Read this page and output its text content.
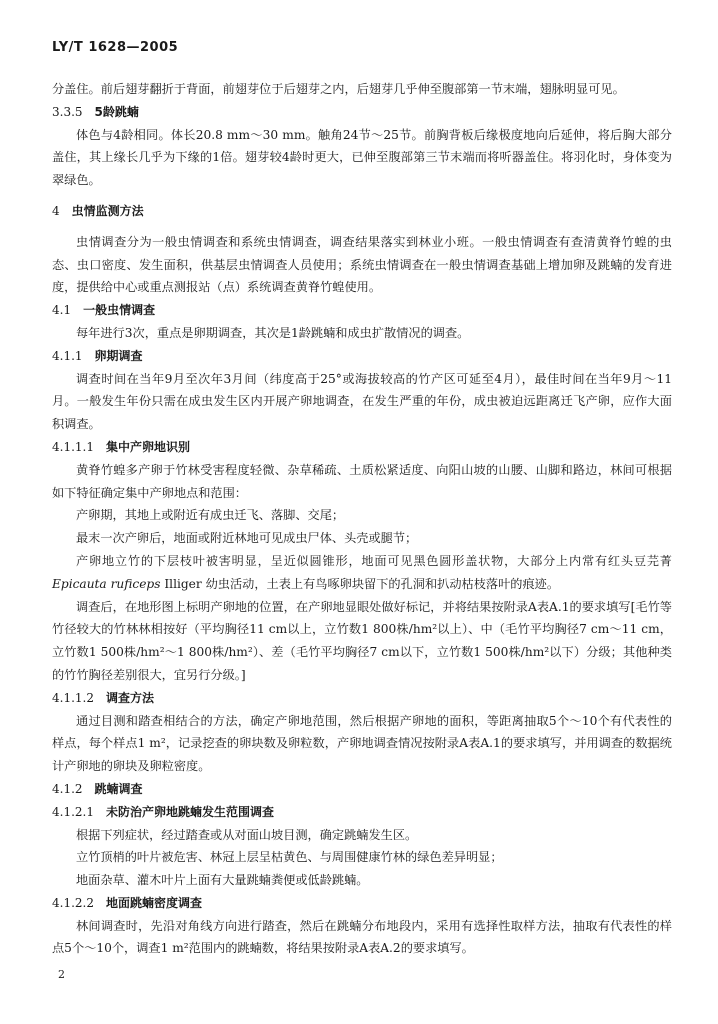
LY/T 1628—2005

分盖住。前后翅芽翻折于背面，前翅芽位于后翅芽之内，后翅芽几乎伸至腹部第一节末端，翅脉明显可见。

3.3.5 5龄跳蝻

体色与4龄相同。体长20.8 mm～30 mm。触角24节～25节。前胸背板后缘极度地向后延伸，将后胸大部分盖住，其上缘长几乎为下缘的1倍。翅芽较4龄时更大，已伸至腹部第三节末端而将听器盖住。将羽化时，身体变为翠绿色。

4 虫情监测方法

虫情调查分为一般虫情调查和系统虫情调查，调查结果落实到林业小班。一般虫情调查有查清黄脊竹蝗的虫态、虫口密度、发生面积，供基层虫情调查人员使用；系统虫情调查在一般虫情调查基础上增加卵及跳蝻的发育进度，提供给中心或重点测报站（点）系统调查黄脊竹蝗使用。

4.1 一般虫情调查

每年进行3次，重点是卵期调查，其次是1龄跳蝻和成虫扩散情况的调查。

4.1.1 卵期调查

调查时间在当年9月至次年3月间（纬度高于25°或海拔较高的竹产区可延至4月），最佳时间在当年9月～11月。一般发生年份只需在成虫发生区内开展产卵地调查，在发生严重的年份，成虫被迫远距离迁飞产卵，应作大面积调查。

4.1.1.1 集中产卵地识别

黄脊竹蝗多产卵于竹林受害程度轻微、杂草稀疏、土质松紧适度、向阳山坡的山腰、山脚和路边，林间可根据如下特征确定集中产卵地点和范围：

产卵期，其地上或附近有成虫迁飞、落脚、交尾；

最末一次产卵后，地面或附近林地可见成虫尸体、头壳或腿节；

产卵地立竹的下层枝叶被害明显，呈近似圆锥形，地面可见黑色圆形盖状物，大部分上内常有红头豆芫菁 Epicauta ruficeps Illiger 幼虫活动，土表上有鸟啄卵块留下的孔洞和扒动枯枝落叶的痕迹。

调查后，在地形图上标明产卵地的位置，在产卵地显眼处做好标记，并将结果按附录A表A.1的要求填写[毛竹等竹径较大的竹林林相按好（平均胸径11 cm以上，立竹数1 800株/hm²以上）、中（毛竹平均胸径7 cm～11 cm，立竹数1 500株/hm²～1 800株/hm²）、差（毛竹平均胸径7 cm以下，立竹数1 500株/hm²以下）分级；其他种类的竹竹胸径差别很大，宜另行分级。]

4.1.1.2 调查方法

通过目测和踏查相结合的方法，确定产卵地范围，然后根据产卵地的面积，等距离抽取5个～10个有代表性的样点，每个样点1 m²，记录挖查的卵块数及卵粒数，产卵地调查情况按附录A表A.1的要求填写，并用调查的数据统计产卵地的卵块及卵粒密度。

4.1.2 跳蝻调查
4.1.2.1 未防治产卵地跳蝻发生范围调查

根据下列症状，经过踏查或从对面山坡目测，确定跳蝻发生区。

立竹顶梢的叶片被危害、林冠上层呈枯黄色、与周围健康竹林的绿色差异明显；

地面杂草、灌木叶片上面有大量跳蝻粪便或低龄跳蝻。

4.1.2.2 地面跳蝻密度调查

林间调查时，先沿对角线方向进行踏查，然后在跳蝻分布地段内，采用有选择性取样方法，抽取有代表性的样点5个～10个，调查1 m²范围内的跳蝻数，将结果按附录A表A.2的要求填写。

2
